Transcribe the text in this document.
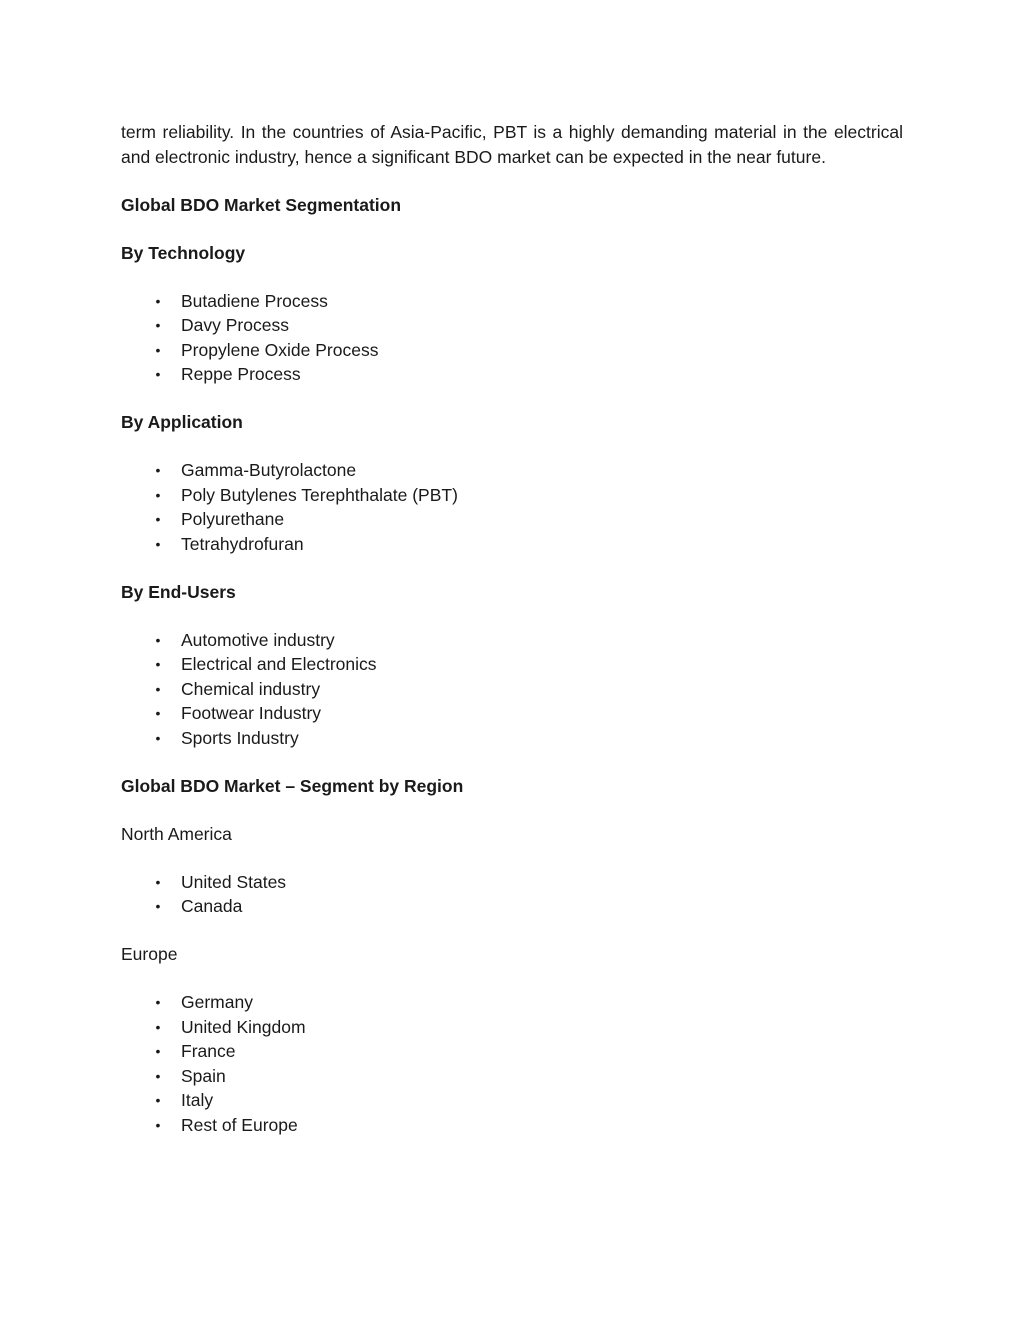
term reliability. In the countries of Asia-Pacific, PBT is a highly demanding material in the electrical and electronic industry, hence a significant BDO market can be expected in the near future.

Global BDO Market Segmentation

By Technology

• Butadiene Process
• Davy Process
• Propylene Oxide Process
• Reppe Process

By Application

• Gamma-Butyrolactone
• Poly Butylenes Terephthalate (PBT)
• Polyurethane
• Tetrahydrofuran

By End-Users

• Automotive industry
• Electrical and Electronics
• Chemical industry
• Footwear Industry
• Sports Industry

Global BDO Market – Segment by Region

North America

• United States
• Canada

Europe

• Germany
• United Kingdom
• France
• Spain
• Italy
• Rest of Europe
